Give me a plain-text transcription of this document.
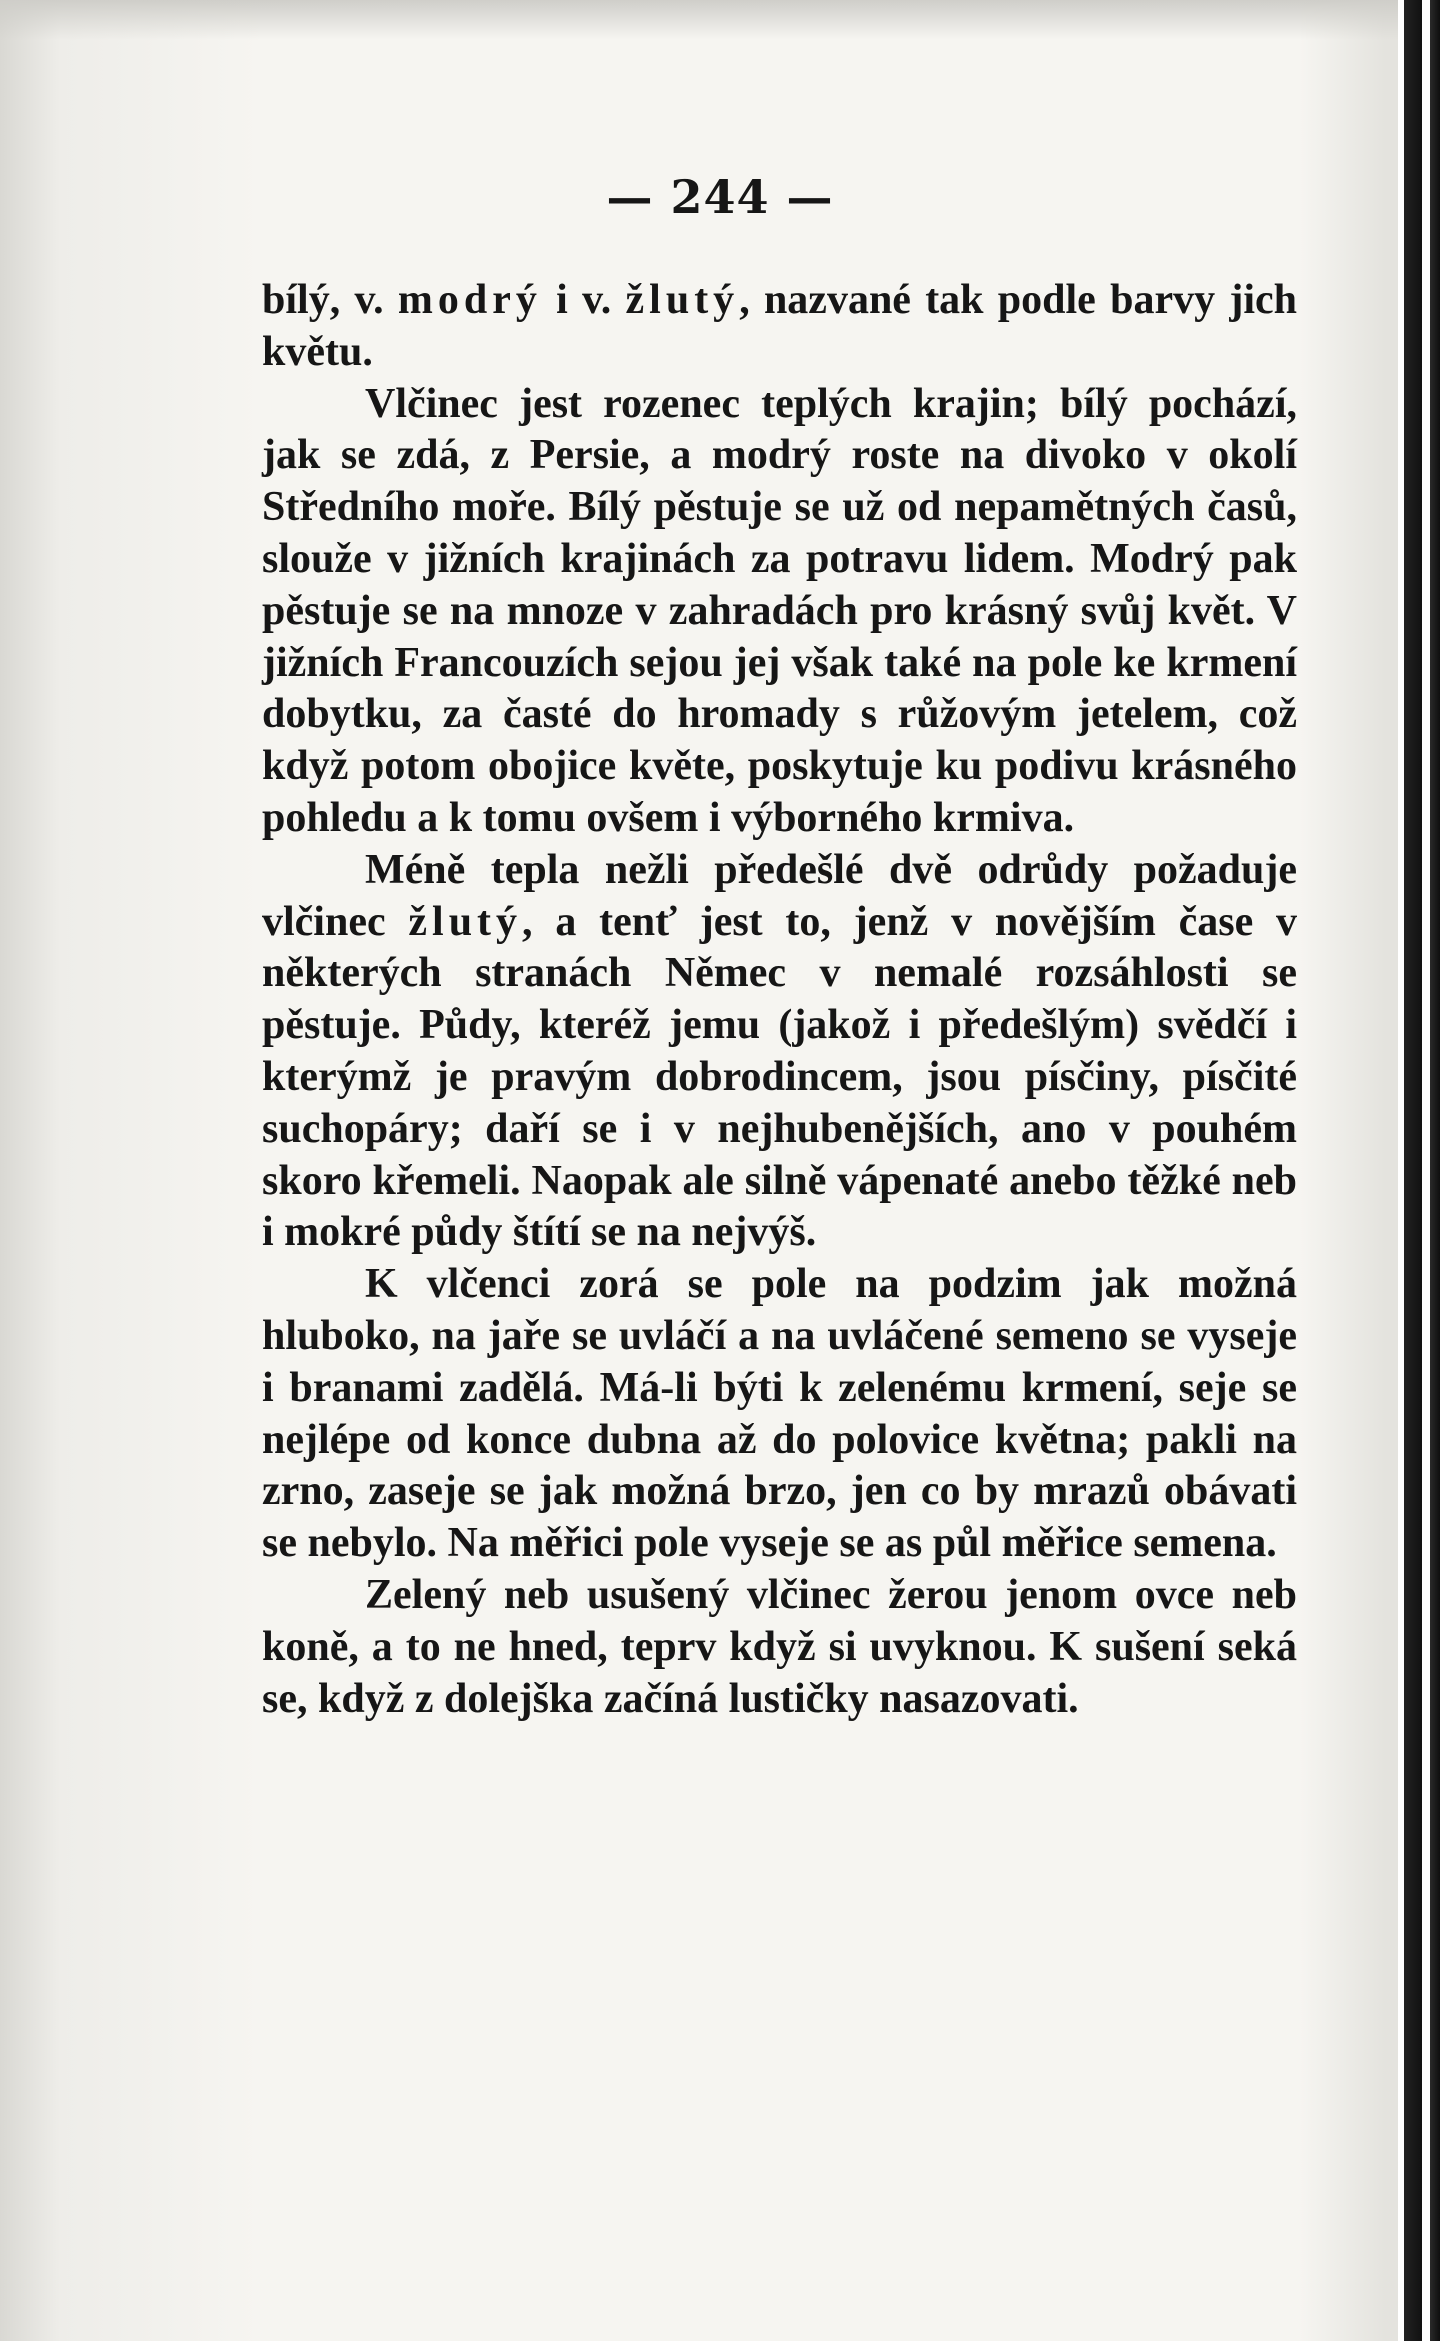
— 244 —

bílý, v. modrý i v. žlutý, nazvané tak podle barvy jich květu.

Vlčinec jest rozenec teplých krajin; bílý pochází, jak se zdá, z Persie, a modrý roste na divoko v okolí Středního moře. Bílý pěstuje se už od nepamětných časů, slouže v jižních krajinách za potravu lidem. Modrý pak pěstuje se na mnoze v zahradách pro krásný svůj květ. V jižních Francouzích sejou jej však také na pole ke krmení dobytku, za časté do hromady s růžovým jetelem, což když potom obojice květe, poskytuje ku podivu krásného pohledu a k tomu ovšem i výborného krmiva.

Méně tepla nežli předešlé dvě odrůdy požaduje vlčinec žlutý, a tenť jest to, jenž v novějším čase v některých stranách Němec v nemalé rozsáhlosti se pěstuje. Půdy, kteréž jemu (jakož i předešlým) svědčí i kterýmž je pravým dobrodincem, jsou písčiny, písčité suchopáry; daří se i v nejhubenějších, ano v pouhém skoro křemeli. Naopak ale silně vápenaté anebo těžké neb i mokré půdy štítí se na nejvýš.

K vlčenci zorá se pole na podzim jak možná hluboko, na jaře se uvláčí a na uvláčené semeno se vyseje i branami zadělá. Má-li býti k zelenému krmení, seje se nejlépe od konce dubna až do polovice května; pakli na zrno, zaseje se jak možná brzo, jen co by mrazů obávati se nebylo. Na měřici pole vyseje se as půl měřice semena.

Zelený neb usušený vlčinec žerou jenom ovce neb koně, a to ne hned, teprv když si uvyknou. K sušení seká se, když z dolejška začíná lustičky nasazovati.
